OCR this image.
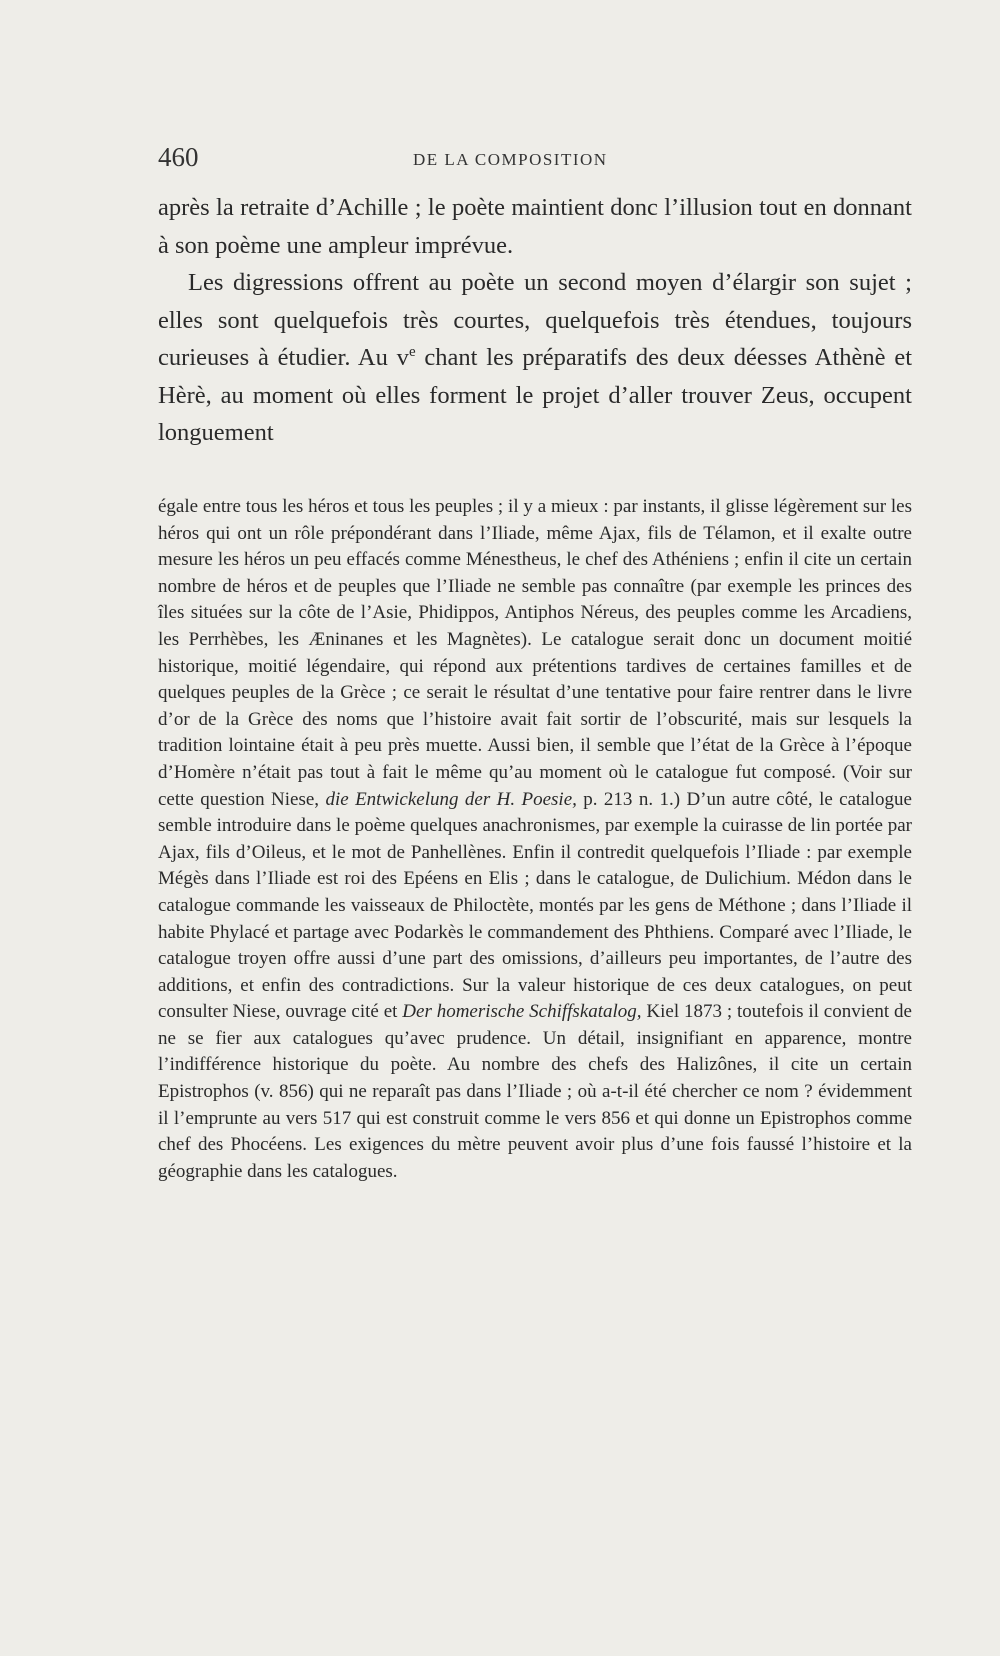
460	DE LA COMPOSITION

après la retraite d’Achille ; le poète maintient donc l’illusion tout en donnant à son poème une ampleur imprévue.

Les digressions offrent au poète un second moyen d’élargir son sujet ; elles sont quelquefois très courtes, quelquefois très étendues, toujours curieuses à étudier. Au $v^e$ chant les préparatifs des deux déesses Athènè et Hèrè, au moment où elles forment le projet d’aller trouver Zeus, occupent longuement

égale entre tous les héros et tous les peuples ; il y a mieux : par instants, il glisse légèrement sur les héros qui ont un rôle prépondérant dans l’Iliade, même Ajax, fils de Télamon, et il exalte outre mesure les héros un peu effacés comme Ménestheus, le chef des Athéniens ; enfin il cite un certain nombre de héros et de peuples que l’Iliade ne semble pas connaître (par exemple les princes des îles situées sur la côte de l’Asie, Phidippos, Antiphos Néreus, des peuples comme les Arcadiens, les Perrhèbes, les Æninanes et les Magnètes). Le catalogue serait donc un document moitié historique, moitié légendaire, qui répond aux prétentions tardives de certaines familles et de quelques peuples de la Grèce ; ce serait le résultat d’une tentative pour faire rentrer dans le livre d’or de la Grèce des noms que l’histoire avait fait sortir de l’obscurité, mais sur lesquels la tradition lointaine était à peu près muette. Aussi bien, il semble que l’état de la Grèce à l’époque d’Homère n’était pas tout à fait le même qu’au moment où le catalogue fut composé. (Voir sur cette question Niese, die Entwickelung der H. Poesie, p. 213 n. 1.) D’un autre côté, le catalogue semble introduire dans le poème quelques anachronismes, par exemple la cuirasse de lin portée par Ajax, fils d’Oileus, et le mot de Panhellènes. Enfin il contredit quelquefois l’Iliade : par exemple Mégès dans l’Iliade est roi des Epéens en Elis ; dans le catalogue, de Dulichium. Médon dans le catalogue commande les vaisseaux de Philoctète, montés par les gens de Méthone ; dans l’Iliade il habite Phylacé et partage avec Podarkès le commandement des Phthiens. Comparé avec l’Iliade, le catalogue troyen offre aussi d’une part des omissions, d’ailleurs peu importantes, de l’autre des additions, et enfin des contradictions. Sur la valeur historique de ces deux catalogues, on peut consulter Niese, ouvrage cité et Der homerische Schiffskatalog, Kiel 1873 ; toutefois il convient de ne se fier aux catalogues qu’avec prudence. Un détail, insignifiant en apparence, montre l’indifférence historique du poète. Au nombre des chefs des Halizônes, il cite un certain Epistrophos (v. 856) qui ne reparaît pas dans l’Iliade ; où a-t-il été chercher ce nom ? évidemment il l’emprunte au vers 517 qui est construit comme le vers 856 et qui donne un Epistrophos comme chef des Phocéens. Les exigences du mètre peuvent avoir plus d’une fois faussé l’histoire et la géographie dans les catalogues.
